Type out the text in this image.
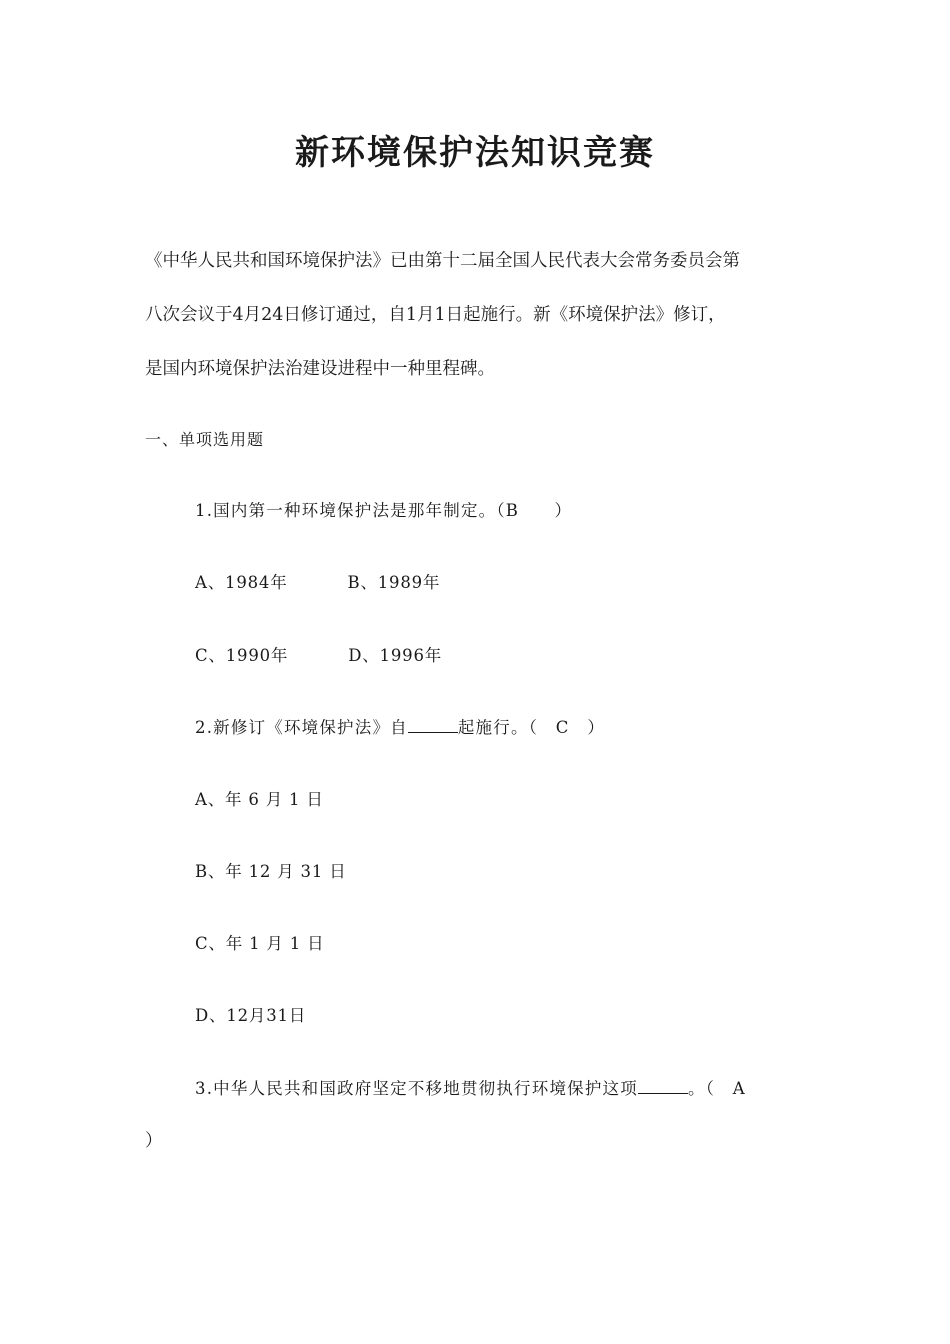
新环境保护法知识竞赛
《中华人民共和国环境保护法》已由第十二届全国人民代表大会常务委员会第
八次会议于4月24日修订通过，自1月1日起施行。新《环境保护法》修订，
是国内环境保护法治建设进程中一种里程碑。
一、单项选用题
1.国内第一种环境保护法是那年制定。（B　　）
A、1984年	B、1989年
C、1990年	D、1996年
2.新修订《环境保护法》自	起施行。（　C　）
A、年 6 月 1 日
B、年 12 月 31 日
C、年 1 月 1 日
D、12月31日
3.中华人民共和国政府坚定不移地贯彻执行环境保护这项	。（　A
）
